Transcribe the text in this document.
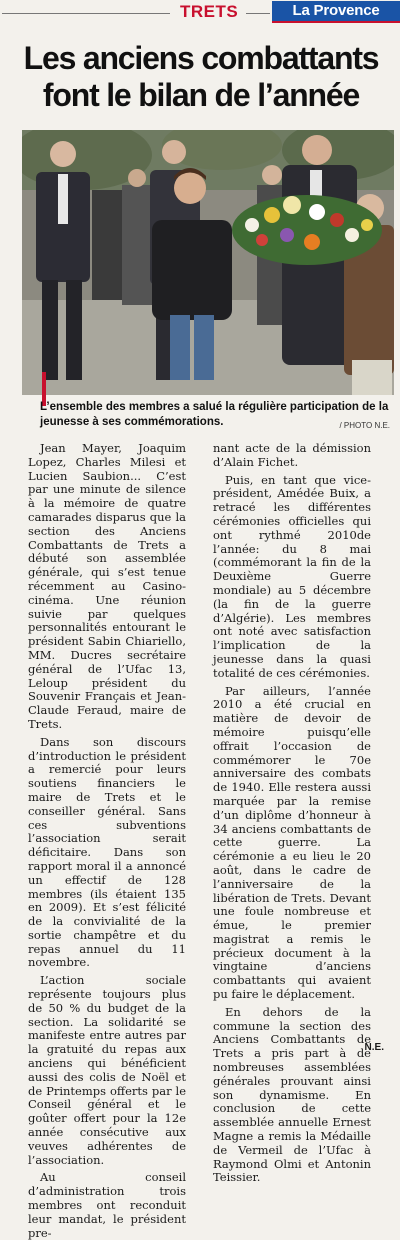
TRETS	La Provence
Les anciens combattants font le bilan de l’année
L’ensemble des membres a salué la régulière participation de la jeunesse à ses commémorations.	/ PHOTO N.E.

Jean Mayer, Joaquim Lopez, Charles Milesi et Lucien Saubion... C’est par une minute de silence à la mémoire de quatre camarades disparus que la section des Anciens Combattants de Trets a débuté son assemblée générale, qui s’est tenue récemment au Casino-cinéma. Une réunion suivie par quelques personnalités entourant le président Sabin Chiariello, MM. Ducres secrétaire général de l’Ufac 13, Leloup président du Souvenir Français et Jean-Claude Feraud, maire de Trets.

Dans son discours d’introduction le président a remercié pour leurs soutiens financiers le maire de Trets et le conseiller général. Sans ces subventions l’association serait déficitaire. Dans son rapport moral il a annoncé un effectif de 128 membres (ils étaient 135 en 2009). Et s’est félicité de la convivialité de la sortie champêtre et du repas annuel du 11 novembre.

L’action sociale représente toujours plus de 50 % du budget de la section. La solidarité se manifeste entre autres par la gratuité du repas aux anciens qui bénéficient aussi des colis de Noël et de Printemps offerts par le Conseil général et le goûter offert pour la 12e année consécutive aux veuves adhérentes de l’association.

Au conseil d’administration trois membres ont reconduit leur mandat, le président pre-

nant acte de la démission d’Alain Fichet.

Puis, en tant que vice-président, Amédée Buix, a retracé les différentes cérémonies officielles qui ont rythmé 2010de l’année: du 8 mai (commémorant la fin de la Deuxième Guerre mondiale) au 5 décembre (la fin de la guerre d’Algérie). Les membres ont noté avec satisfaction l’implication de la jeunesse dans la quasi totalité de ces cérémonies.

Par ailleurs, l’année 2010 a été crucial en matière de devoir de mémoire puisqu’elle offrait l’occasion de commémorer le 70e anniversaire des combats de 1940. Elle restera aussi marquée par la remise d’un diplôme d’honneur à 34 anciens combattants de cette guerre. La cérémonie a eu lieu le 20 août, dans le cadre de l’anniversaire de la libération de Trets. Devant une foule nombreuse et émue, le premier magistrat a remis le précieux document à la vingtaine d’anciens combattants qui avaient pu faire le déplacement.

En dehors de la commune la section des Anciens Combattants de Trets a pris part à de nombreuses assemblées générales prouvant ainsi son dynamisme. En conclusion de cette assemblée annuelle Ernest Magne a remis la Médaille de Vermeil de l’Ufac à Raymond Olmi et Antonin Teissier.

N.E.
